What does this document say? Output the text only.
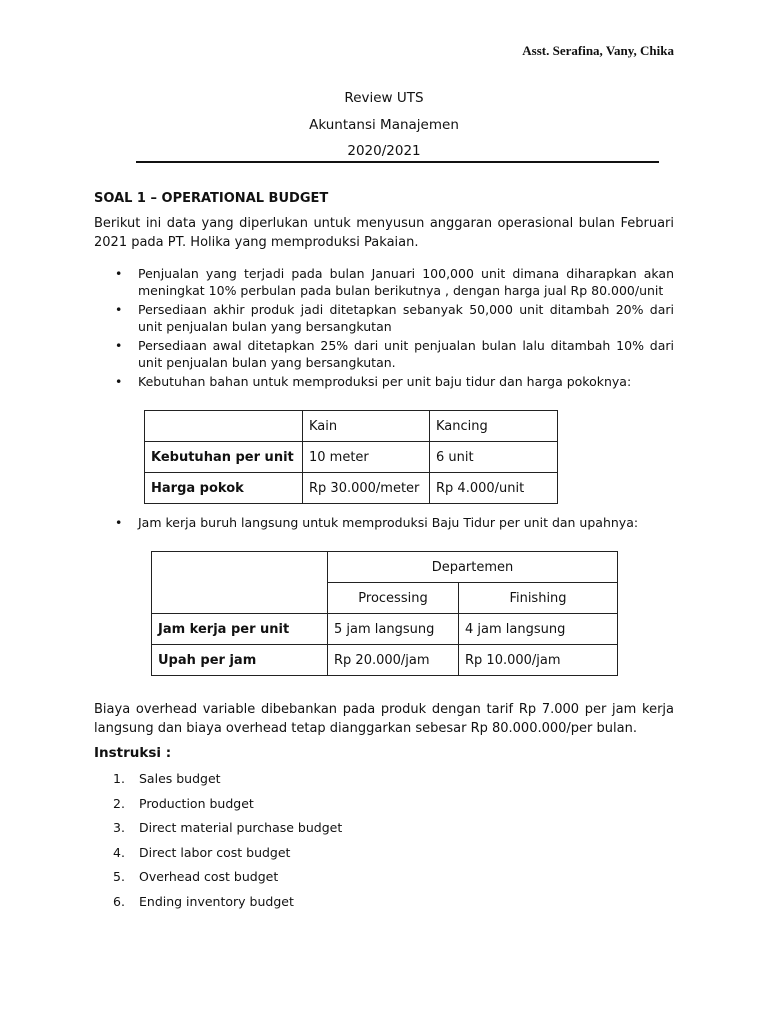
Asst. Serafina, Vany, Chika
Review UTS
Akuntansi Manajemen
2020/2021
SOAL 1 – OPERATIONAL BUDGET
Berikut ini data yang diperlukan untuk menyusun anggaran operasional bulan Februari 2021 pada PT. Holika yang memproduksi Pakaian.
• Penjualan yang terjadi pada bulan Januari 100,000 unit dimana diharapkan akan meningkat 10% perbulan pada bulan berikutnya , dengan harga jual Rp 80.000/unit
• Persediaan akhir produk jadi ditetapkan sebanyak 50,000 unit ditambah 20% dari unit penjualan bulan yang bersangkutan
• Persediaan awal ditetapkan 25% dari unit penjualan bulan lalu ditambah 10% dari unit penjualan bulan yang bersangkutan.
• Kebutuhan bahan untuk memproduksi per unit baju tidur dan harga pokoknya:
	Kain	Kancing
Kebutuhan per unit	10 meter	6 unit
Harga pokok	Rp 30.000/meter	Rp 4.000/unit
• Jam kerja buruh langsung untuk memproduksi Baju Tidur per unit dan upahnya:
	Departemen	
	Processing	Finishing
Jam kerja per unit	5 jam langsung	4 jam langsung
Upah per jam	Rp 20.000/jam	Rp 10.000/jam
Biaya overhead variable dibebankan pada produk dengan tarif Rp 7.000 per jam kerja langsung dan biaya overhead tetap dianggarkan sebesar Rp 80.000.000/per bulan.
Instruksi :
1. Sales budget
2. Production budget
3. Direct material purchase budget
4. Direct labor cost budget
5. Overhead cost budget
6. Ending inventory budget
